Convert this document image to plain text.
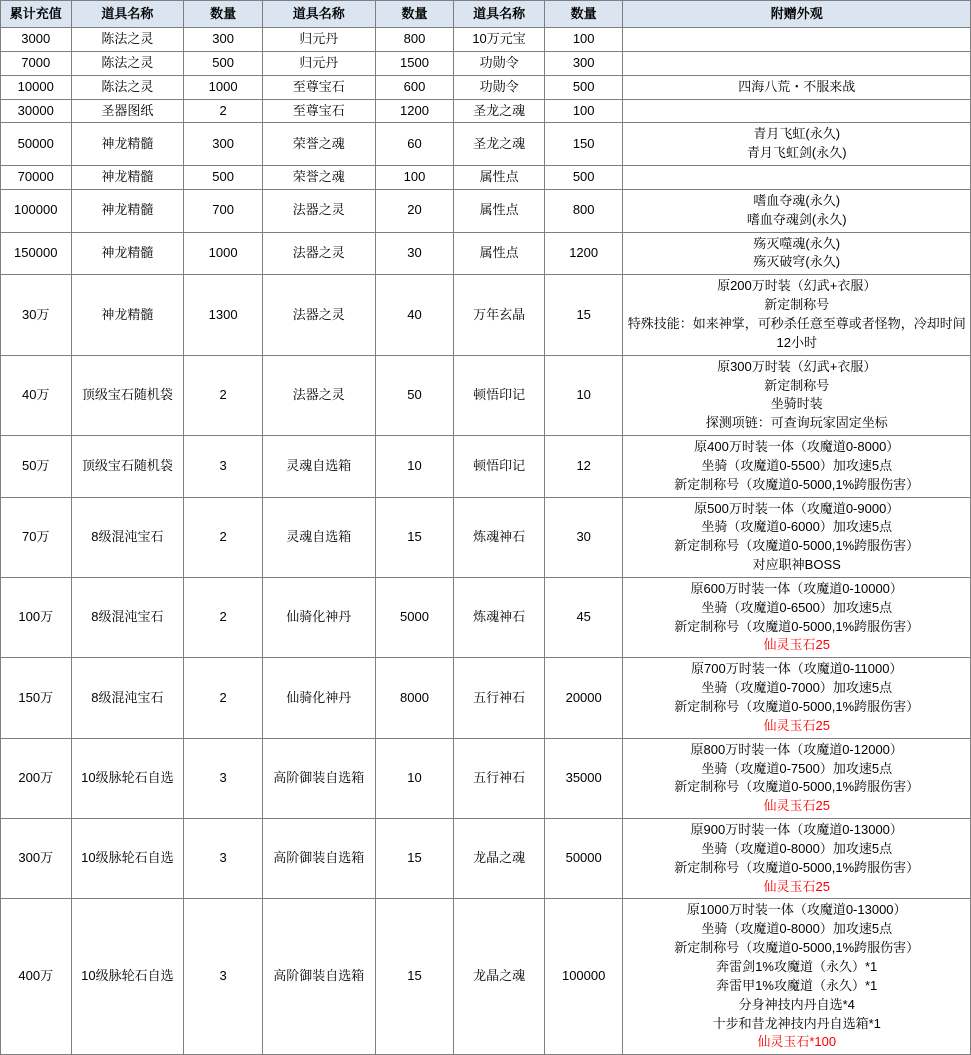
累计充值	道具名称	数量	道具名称	数量	道具名称	数量	附赠外观
3000	陈法之灵	300	归元丹	800	10万元宝	100	
7000	陈法之灵	500	归元丹	1500	功勋令	300	
10000	陈法之灵	1000	至尊宝石	600	功勋令	500	四海八荒・不服来战

30000	圣器图纸	2	至尊宝石	1200	圣龙之魂	100	
50000	神龙精髓	300	荣誉之魂	60	圣龙之魂	150	青月飞虹(永久)
青月飞虹剑(永久)

70000	神龙精髓	500	荣誉之魂	100	属性点	500	
100000	神龙精髓	700	法器之灵	20	属性点	800	嗜血夺魂(永久)
嗜血夺魂剑(永久)

150000	神龙精髓	1000	法器之灵	30	属性点	1200	殇灭噬魂(永久)
殇灭破穹(永久)

30万	神龙精髓	1300	法器之灵	40	万年玄晶	15	原200万时装（幻武+衣服）
新定制称号
特殊技能：如来神掌，可秒杀任意至尊或者怪物，冷却时间12小时

40万	顶级宝石随机袋	2	法器之灵	50	顿悟印记	10	原300万时装（幻武+衣服）
新定制称号
坐骑时装
探测项链：可查询玩家固定坐标

50万	顶级宝石随机袋	3	灵魂自选箱	10	顿悟印记	12	原400万时装一体（攻魔道0-8000）
坐骑（攻魔道0-5500）加攻速5点
新定制称号（攻魔道0-5000,1%跨服伤害）

70万	8级混沌宝石	2	灵魂自选箱	15	炼魂神石	30	原500万时装一体（攻魔道0-9000）
坐骑（攻魔道0-6000）加攻速5点
新定制称号（攻魔道0-5000,1%跨服伤害）
对应职神BOSS

100万	8级混沌宝石	2	仙骑化神丹	5000	炼魂神石	45	原600万时装一体（攻魔道0-10000）
坐骑（攻魔道0-6500）加攻速5点
新定制称号（攻魔道0-5000,1%跨服伤害）
仙灵玉石25

150万	8级混沌宝石	2	仙骑化神丹	8000	五行神石	20000	原700万时装一体（攻魔道0-11000）
坐骑（攻魔道0-7000）加攻速5点
新定制称号（攻魔道0-5000,1%跨服伤害）
仙灵玉石25

200万	10级脉轮石自选	3	高阶御装自选箱	10	五行神石	35000	原800万时装一体（攻魔道0-12000）
坐骑（攻魔道0-7500）加攻速5点
新定制称号（攻魔道0-5000,1%跨服伤害）
仙灵玉石25

300万	10级脉轮石自选	3	高阶御装自选箱	15	龙晶之魂	50000	原900万时装一体（攻魔道0-13000）
坐骑（攻魔道0-8000）加攻速5点
新定制称号（攻魔道0-5000,1%跨服伤害）
仙灵玉石25

400万	10级脉轮石自选	3	高阶御装自选箱	15	龙晶之魂	100000	
原1000万时装一体（攻魔道0-13000）
坐骑（攻魔道0-8000）加攻速5点
新定制称号（攻魔道0-5000,1%跨服伤害）
奔雷剑1%攻魔道（永久）*1
奔雷甲1%攻魔道（永久）*1
分身神技内丹自选*4
十步和昔龙神技内丹自选箱*1
仙灵玉石*100
